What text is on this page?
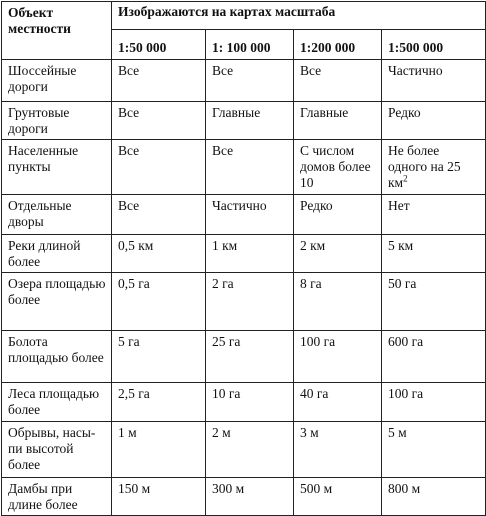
Объект местности	Изображаются на картах масштаба			
	1:50 000	1: 100 000	1:200 000	1:500 000
Шоссейные дороги	Все	Все	Все	Частично
Грунтовые дороги	Все	Главные	Главные	Редко
Населенные пункты	Все	Все	С числом домов более 10	Не более одного на 25 $км^2$
Отдельные дворы	Все	Частично	Редко	Нет
Реки длиной более	0,5 км	1 км	2 км	5 км
Озера площадью более	0,5 га	2 га	8 га	50 га
Болота площадью более	5 га	25 га	100 га	600 га
Леса площадью более	2,5 га	10 га	40 га	100 га
Обрывы, насы-пи высотой более	1 м	2 м	3 м	5 м
Дамбы при длине более	150 м	300 м	500 м	800 м
